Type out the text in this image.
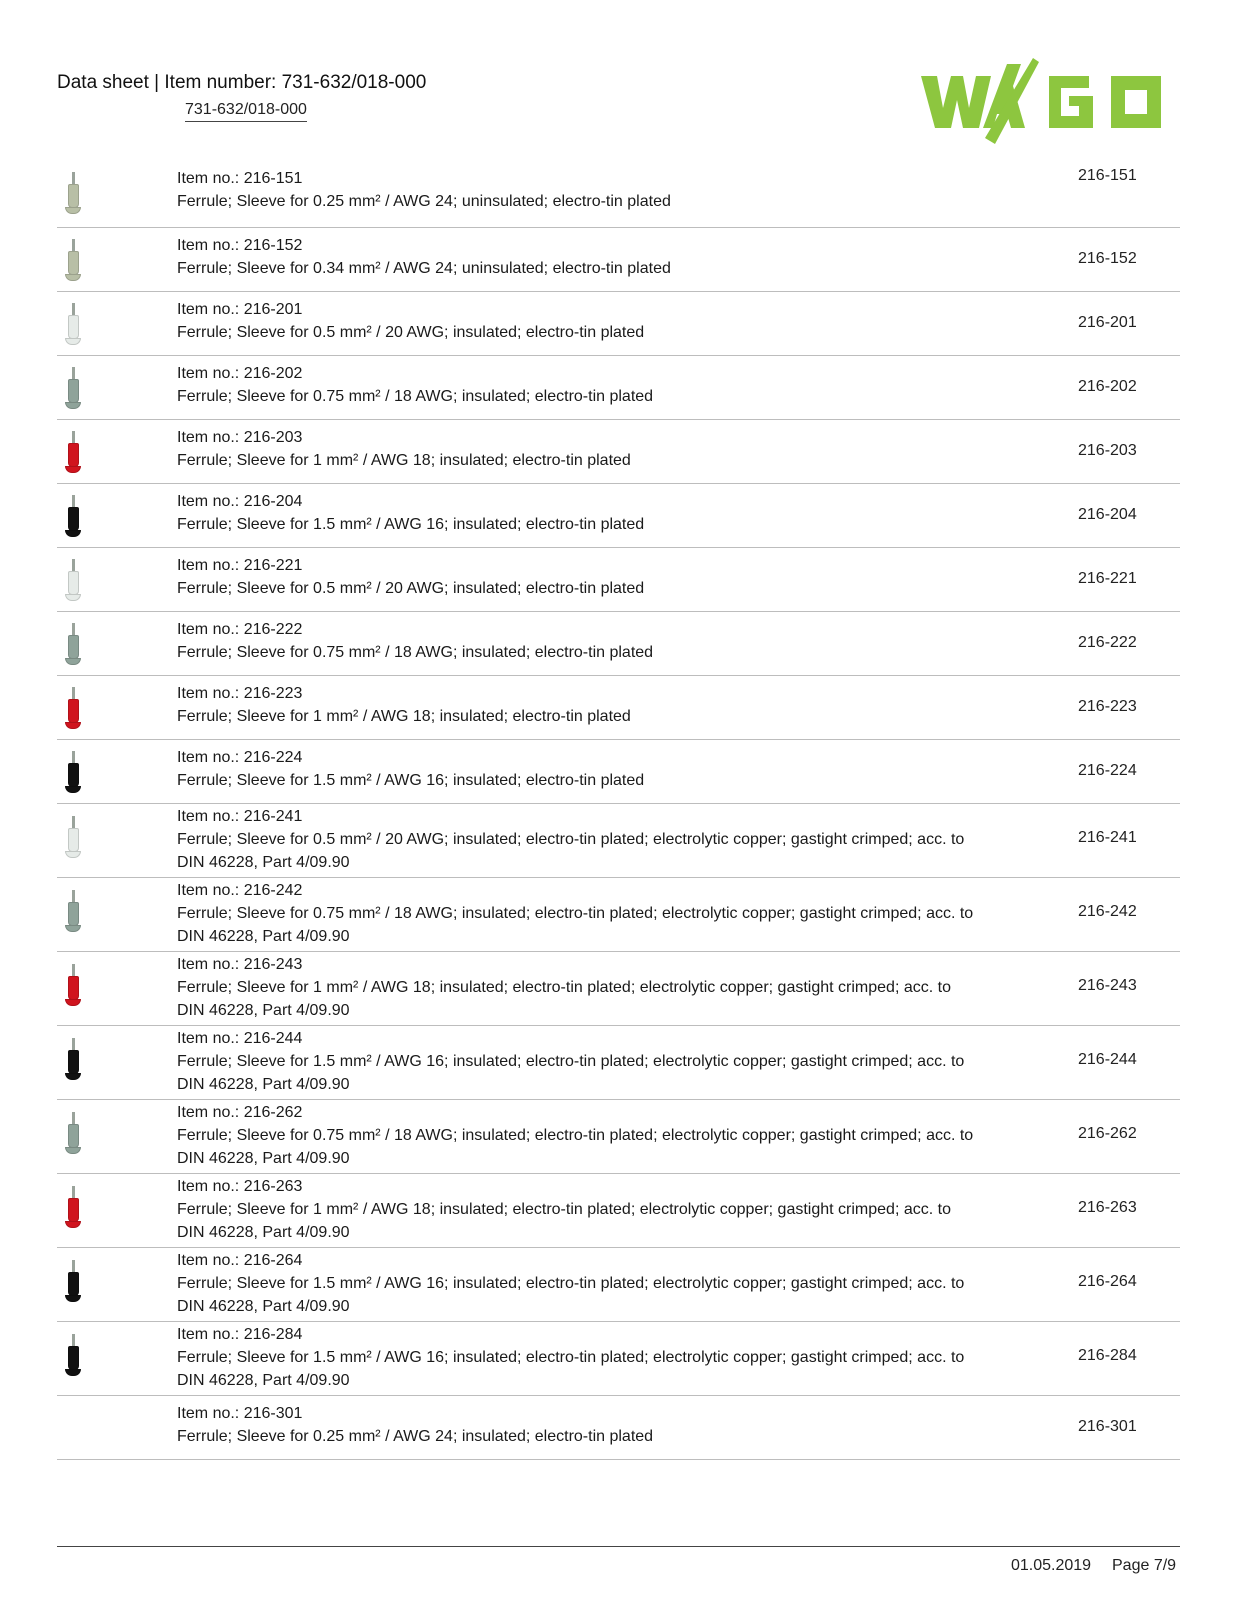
Data sheet | Item number: 731-632/018-000
731-632/018-000
Item no.: 216-151
Ferrule; Sleeve for 0.25 mm² / AWG 24; uninsulated; electro-tin plated
216-151
Item no.: 216-152
Ferrule; Sleeve for 0.34 mm² / AWG 24; uninsulated; electro-tin plated
216-152
Item no.: 216-201
Ferrule; Sleeve for 0.5 mm² / 20 AWG; insulated; electro-tin plated
216-201
Item no.: 216-202
Ferrule; Sleeve for 0.75 mm² / 18 AWG; insulated; electro-tin plated
216-202
Item no.: 216-203
Ferrule; Sleeve for 1 mm² / AWG 18; insulated; electro-tin plated
216-203
Item no.: 216-204
Ferrule; Sleeve for 1.5 mm² / AWG 16; insulated; electro-tin plated
216-204
Item no.: 216-221
Ferrule; Sleeve for 0.5 mm² / 20 AWG; insulated; electro-tin plated
216-221
Item no.: 216-222
Ferrule; Sleeve for 0.75 mm² / 18 AWG; insulated; electro-tin plated
216-222
Item no.: 216-223
Ferrule; Sleeve for 1 mm² / AWG 18; insulated; electro-tin plated
216-223
Item no.: 216-224
Ferrule; Sleeve for 1.5 mm² / AWG 16; insulated; electro-tin plated
216-224
Item no.: 216-241
Ferrule; Sleeve for 0.5 mm² / 20 AWG; insulated; electro-tin plated; electrolytic copper; gastight crimped; acc. to DIN 46228, Part 4/09.90
216-241
Item no.: 216-242
Ferrule; Sleeve for 0.75 mm² / 18 AWG; insulated; electro-tin plated; electrolytic copper; gastight crimped; acc. to DIN 46228, Part 4/09.90
216-242
Item no.: 216-243
Ferrule; Sleeve for 1 mm² / AWG 18; insulated; electro-tin plated; electrolytic copper; gastight crimped; acc. to DIN 46228, Part 4/09.90
216-243
Item no.: 216-244
Ferrule; Sleeve for 1.5 mm² / AWG 16; insulated; electro-tin plated; electrolytic copper; gastight crimped; acc. to DIN 46228, Part 4/09.90
216-244
Item no.: 216-262
Ferrule; Sleeve for 0.75 mm² / 18 AWG; insulated; electro-tin plated; electrolytic copper; gastight crimped; acc. to DIN 46228, Part 4/09.90
216-262
Item no.: 216-263
Ferrule; Sleeve for 1 mm² / AWG 18; insulated; electro-tin plated; electrolytic copper; gastight crimped; acc. to DIN 46228, Part 4/09.90
216-263
Item no.: 216-264
Ferrule; Sleeve for 1.5 mm² / AWG 16; insulated; electro-tin plated; electrolytic copper; gastight crimped; acc. to DIN 46228, Part 4/09.90
216-264
Item no.: 216-284
Ferrule; Sleeve for 1.5 mm² / AWG 16; insulated; electro-tin plated; electrolytic copper; gastight crimped; acc. to DIN 46228, Part 4/09.90
216-284
Item no.: 216-301
Ferrule; Sleeve for 0.25 mm² / AWG 24; insulated; electro-tin plated
216-301
01.05.2019 Page 7/9
